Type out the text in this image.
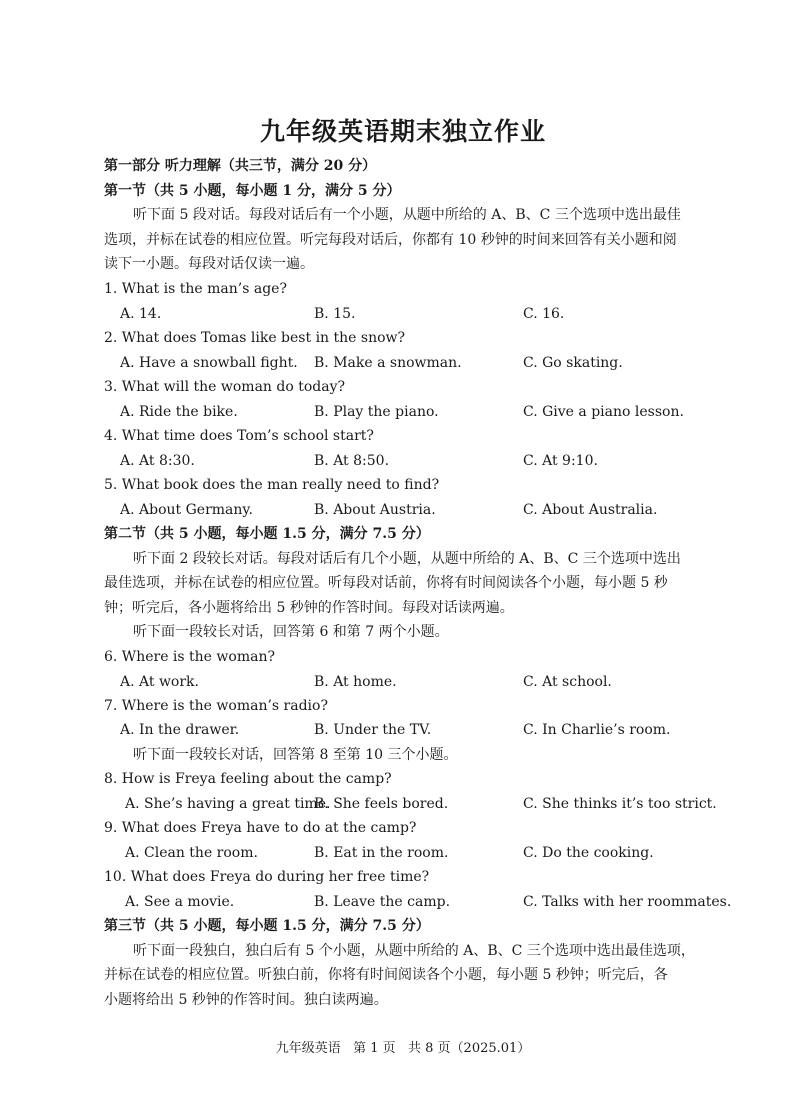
九年级英语期末独立作业
第一部分 听力理解（共三节，满分 20 分）
第一节（共 5 小题，每小题 1 分，满分 5 分）
听下面 5 段对话。每段对话后有一个小题，从题中所给的 A、B、C 三个选项中选出最佳
选项，并标在试卷的相应位置。听完每段对话后，你都有 10 秒钟的时间来回答有关小题和阅
读下一小题。每段对话仅读一遍。
1. What is the man’s age?
A. 14.	B. 15.	C. 16.
2. What does Tomas like best in the snow?
A. Have a snowball fight. B. Make a snowman.	C. Go skating.
3. What will the woman do today?
A. Ride the bike.	B. Play the piano.	C. Give a piano lesson.
4. What time does Tom’s school start?
A. At 8:30.	B. At 8:50.	C. At 9:10.
5. What book does the man really need to find?
A. About Germany.	B. About Austria.	C. About Australia.
第二节（共 5 小题，每小题 1.5 分，满分 7.5 分）
听下面 2 段较长对话。每段对话后有几个小题，从题中所给的 A、B、C 三个选项中选出
最佳选项，并标在试卷的相应位置。听每段对话前，你将有时间阅读各个小题，每小题 5 秒
钟；听完后，各小题将给出 5 秒钟的作答时间。每段对话读两遍。
听下面一段较长对话，回答第 6 和第 7 两个小题。
6. Where is the woman?
A. At work.	B. At home.	C. At school.
7. Where is the woman’s radio?
A. In the drawer.	B. Under the TV.	C. In Charlie’s room.
听下面一段较长对话，回答第 8 至第 10 三个小题。
8. How is Freya feeling about the camp?
A. She’s having a great time.
B. She feels bored.	C. She thinks it’s too strict.
9. What does Freya have to do at the camp?
A. Clean the room.	B. Eat in the room.	C. Do the cooking.
10. What does Freya do during her free time?
A. See a movie.	B. Leave the camp.	C. Talks with her roommates.
第三节（共 5 小题，每小题 1.5 分，满分 7.5 分）
听下面一段独白，独白后有 5 个小题，从题中所给的 A、B、C 三个选项中选出最佳选项，
并标在试卷的相应位置。听独白前，你将有时间阅读各个小题，每小题 5 秒钟；听完后，各
小题将给出 5 秒钟的作答时间。独白读两遍。
九年级英语   第 1 页   共 8 页（2025.01）
